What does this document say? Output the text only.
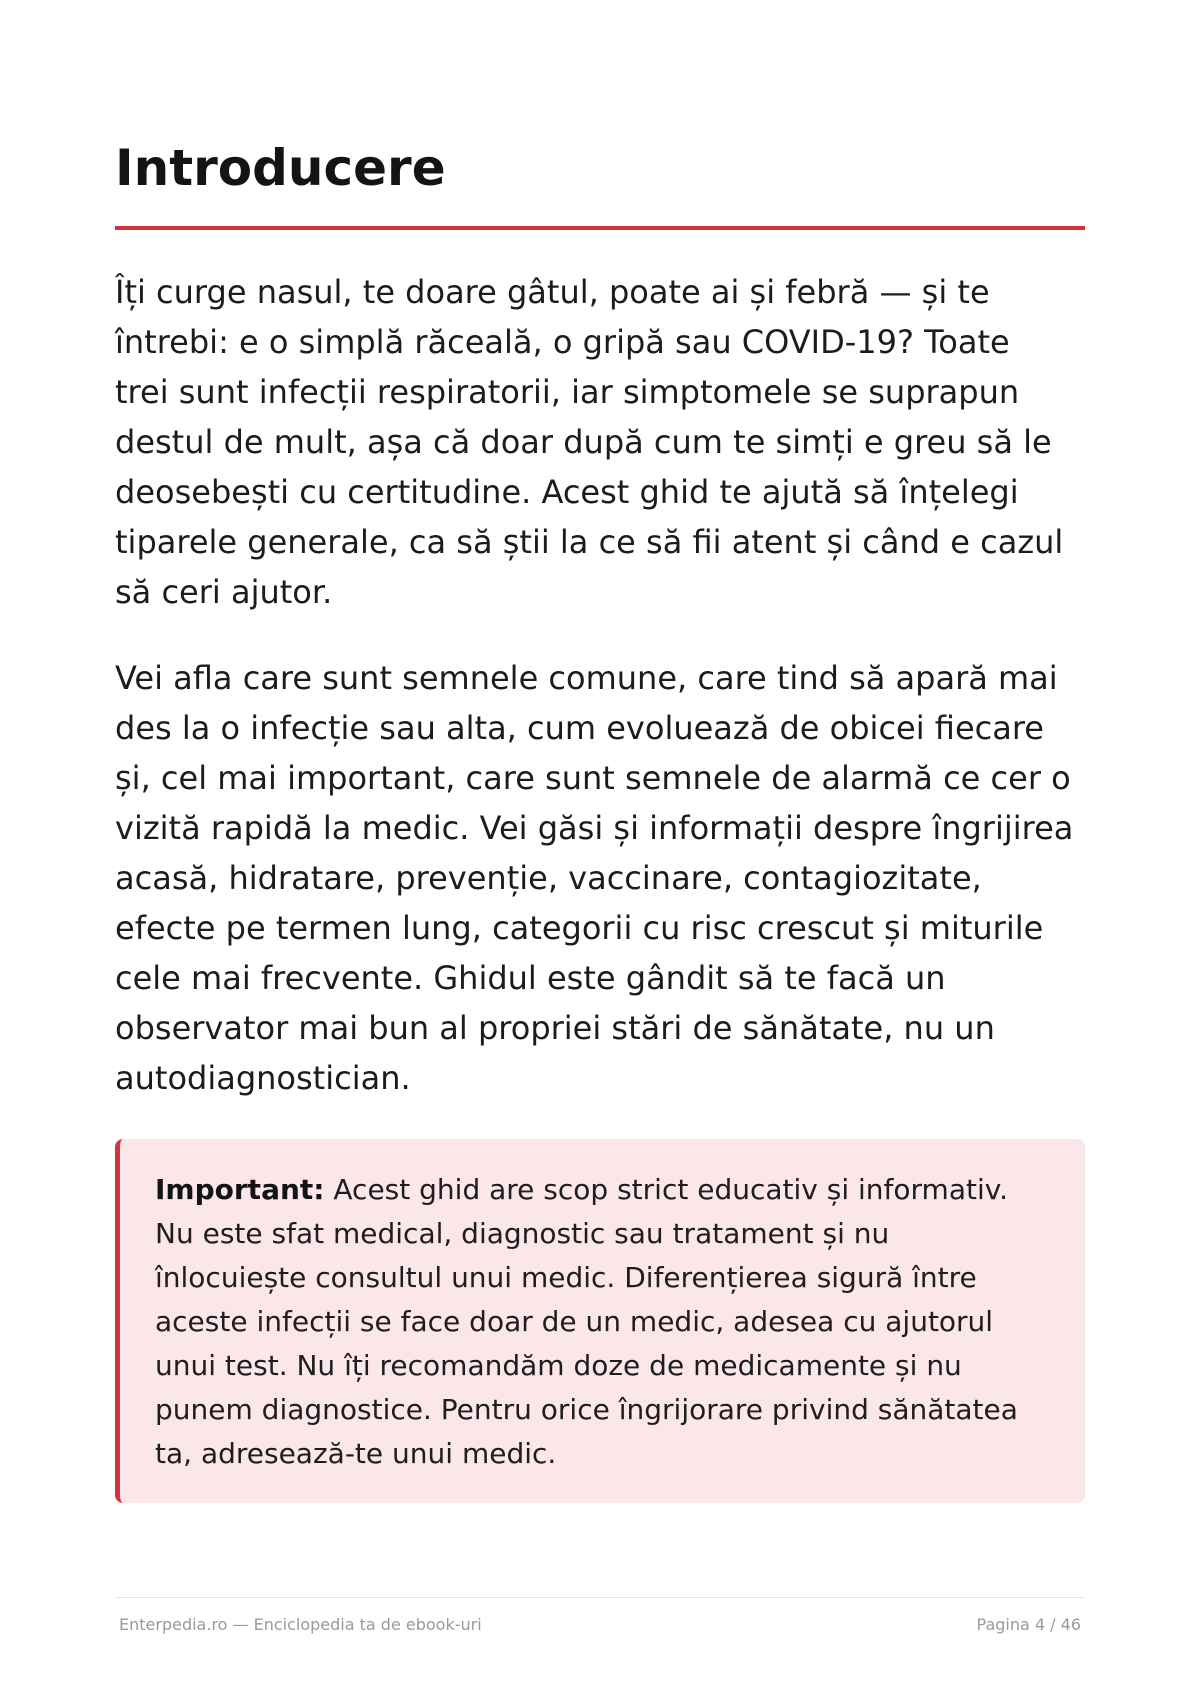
Introducere

Îți curge nasul, te doare gâtul, poate ai și febră — și te
întrebi: e o simplă răceală, o gripă sau COVID-19? Toate
trei sunt infecții respiratorii, iar simptomele se suprapun
destul de mult, așa că doar după cum te simți e greu să le
deosebești cu certitudine. Acest ghid te ajută să înțelegi
tiparele generale, ca să știi la ce să fii atent și când e cazul
să ceri ajutor.

Vei afla care sunt semnele comune, care tind să apară mai
des la o infecție sau alta, cum evoluează de obicei fiecare
și, cel mai important, care sunt semnele de alarmă ce cer o
vizită rapidă la medic. Vei găsi și informații despre îngrijirea
acasă, hidratare, prevenție, vaccinare, contagiozitate,
efecte pe termen lung, categorii cu risc crescut și miturile
cele mai frecvente. Ghidul este gândit să te facă un
observator mai bun al propriei stări de sănătate, nu un
autodiagnostician.

Important: Acest ghid are scop strict educativ și informativ.
Nu este sfat medical, diagnostic sau tratament și nu
înlocuiește consultul unui medic. Diferențierea sigură între
aceste infecții se face doar de un medic, adesea cu ajutorul
unui test. Nu îți recomandăm doze de medicamente și nu
punem diagnostice. Pentru orice îngrijorare privind sănătatea
ta, adresează-te unui medic.
Enterpedia.ro — Enciclopedia ta de ebook-uri	Pagina 4 / 46
